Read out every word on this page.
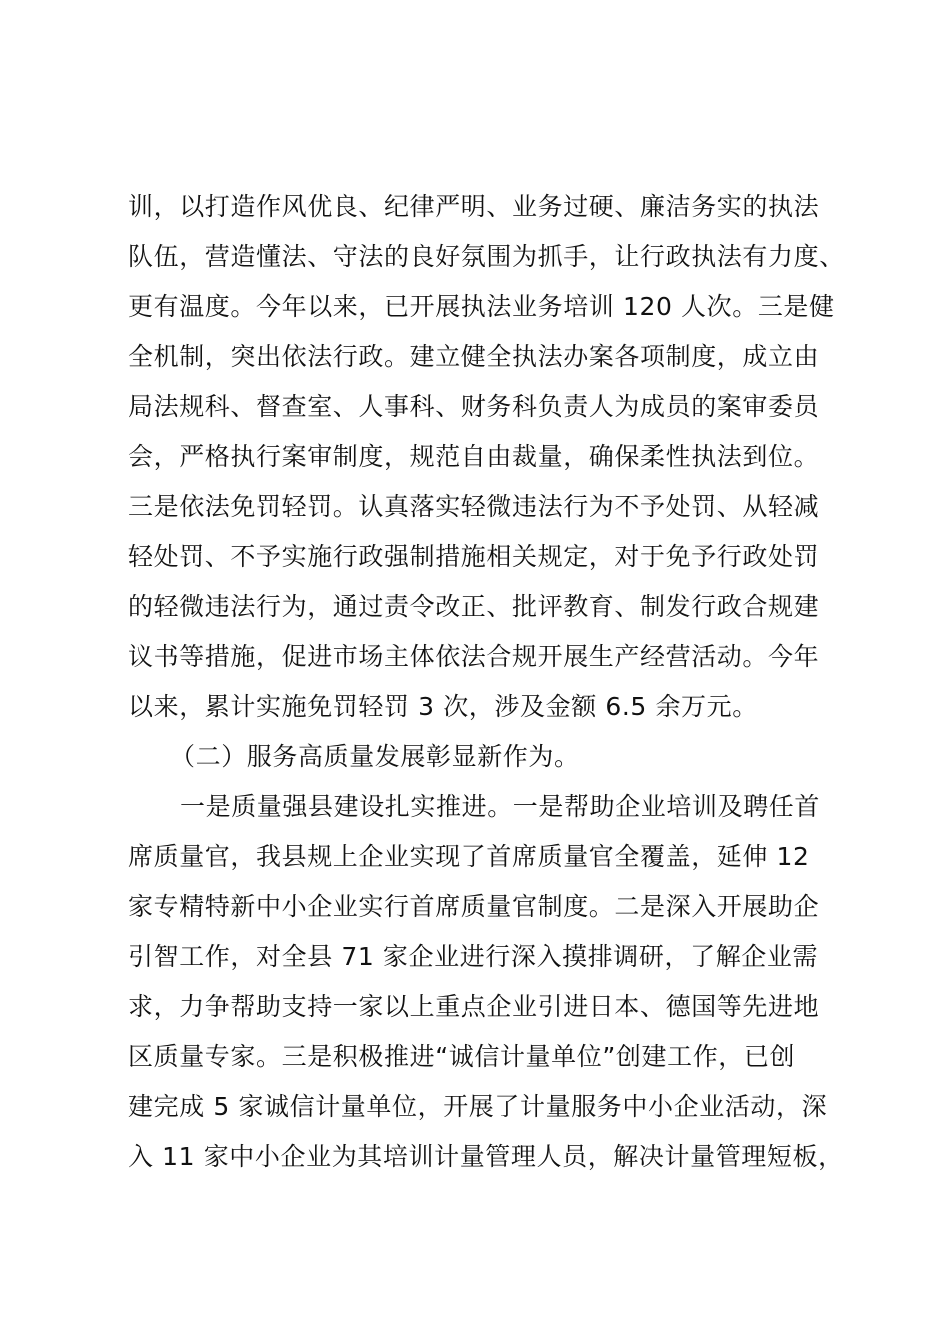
训，以打造作风优良、纪律严明、业务过硬、廉洁务实的执法
队伍，营造懂法、守法的良好氛围为抓手，让行政执法有力度、
更有温度。今年以来，已开展执法业务培训 120 人次。三是健
全机制，突出依法行政。建立健全执法办案各项制度，成立由
局法规科、督查室、人事科、财务科负责人为成员的案审委员
会，严格执行案审制度，规范自由裁量，确保柔性执法到位。
三是依法免罚轻罚。认真落实轻微违法行为不予处罚、从轻减
轻处罚、不予实施行政强制措施相关规定，对于免予行政处罚
的轻微违法行为，通过责令改正、批评教育、制发行政合规建
议书等措施，促进市场主体依法合规开展生产经营活动。今年
以来，累计实施免罚轻罚 3 次，涉及金额 6.5 余万元。
（二）服务高质量发展彰显新作为。
一是质量强县建设扎实推进。一是帮助企业培训及聘任首
席质量官，我县规上企业实现了首席质量官全覆盖，延伸 12
家专精特新中小企业实行首席质量官制度。二是深入开展助企
引智工作，对全县 71 家企业进行深入摸排调研，了解企业需
求，力争帮助支持一家以上重点企业引进日本、德国等先进地
区质量专家。三是积极推进“诚信计量单位”创建工作，已创
建完成 5 家诚信计量单位，开展了计量服务中小企业活动，深
入 11 家中小企业为其培训计量管理人员，解决计量管理短板，
